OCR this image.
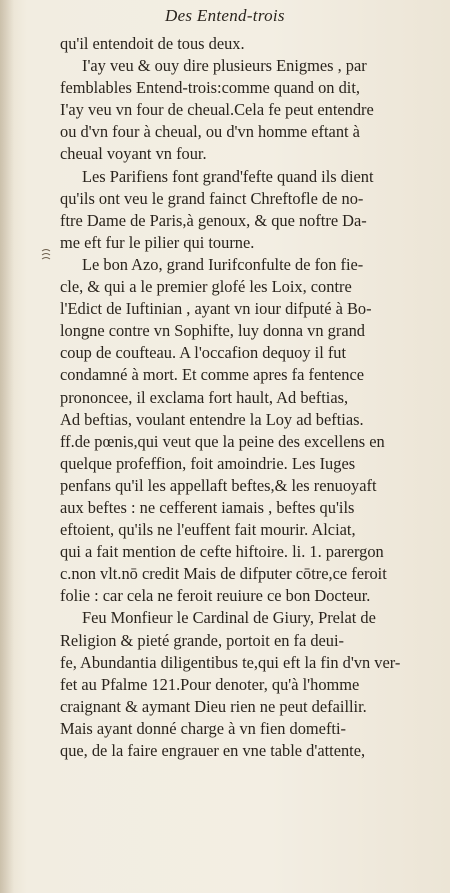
Des Entend-trois
qu'il entendoit de tous deux.
I'ay veu & ouy dire plusieurs Enigmes , par
femblables Entend-trois:comme quand on dit,
I'ay veu vn four de cheual.Cela fe peut entendre
ou d'vn four à cheual, ou d'vn homme eftant à
cheual voyant vn four.
Les Parifiens font grand'fefte quand ils dient
qu'ils ont veu le grand fainct Chreftofle de no-
ftre Dame de Paris,à genoux, & que noftre Da-
me eft fur le pilier qui tourne.
Le bon Azo, grand Iurifconfulte de fon fie-
cle, & qui a le premier glofé les Loix, contre
l'Edict de Iuftinian , ayant vn iour difputé à Bo-
longne contre vn Sophifte, luy donna vn grand
coup de coufteau. A l'occafion dequoy il fut
condamné à mort. Et comme apres fa fentence
prononcee, il exclama fort hault, Ad beftias,
Ad beftias, voulant entendre la Loy ad beftias.
ff.de pœnis,qui veut que la peine des excellens en
quelque profeffion, foit amoindrie. Les Iuges
penfans qu'il les appellaft beftes,& les renuoyaft
aux beftes : ne cefferent iamais , beftes qu'ils
eftoient, qu'ils ne l'euffent fait mourir. Alciat,
qui a fait mention de cefte hiftoire. li. 1. parergon
c.non vlt.nō credit Mais de difputer cōtre,ce feroit
folie : car cela ne feroit reuiure ce bon Docteur.
Feu Monfieur le Cardinal de Giury, Prelat de
Religion & pieté grande, portoit en fa deui-
fe, Abundantia diligentibus te,qui eft la fin d'vn ver-
fet au Pfalme 121.Pour denoter, qu'à l'homme
craignant & aymant Dieu rien ne peut defaillir.
Mais ayant donné charge à vn fien domefti-
que, de la faire engrauer en vne table d'attente,
